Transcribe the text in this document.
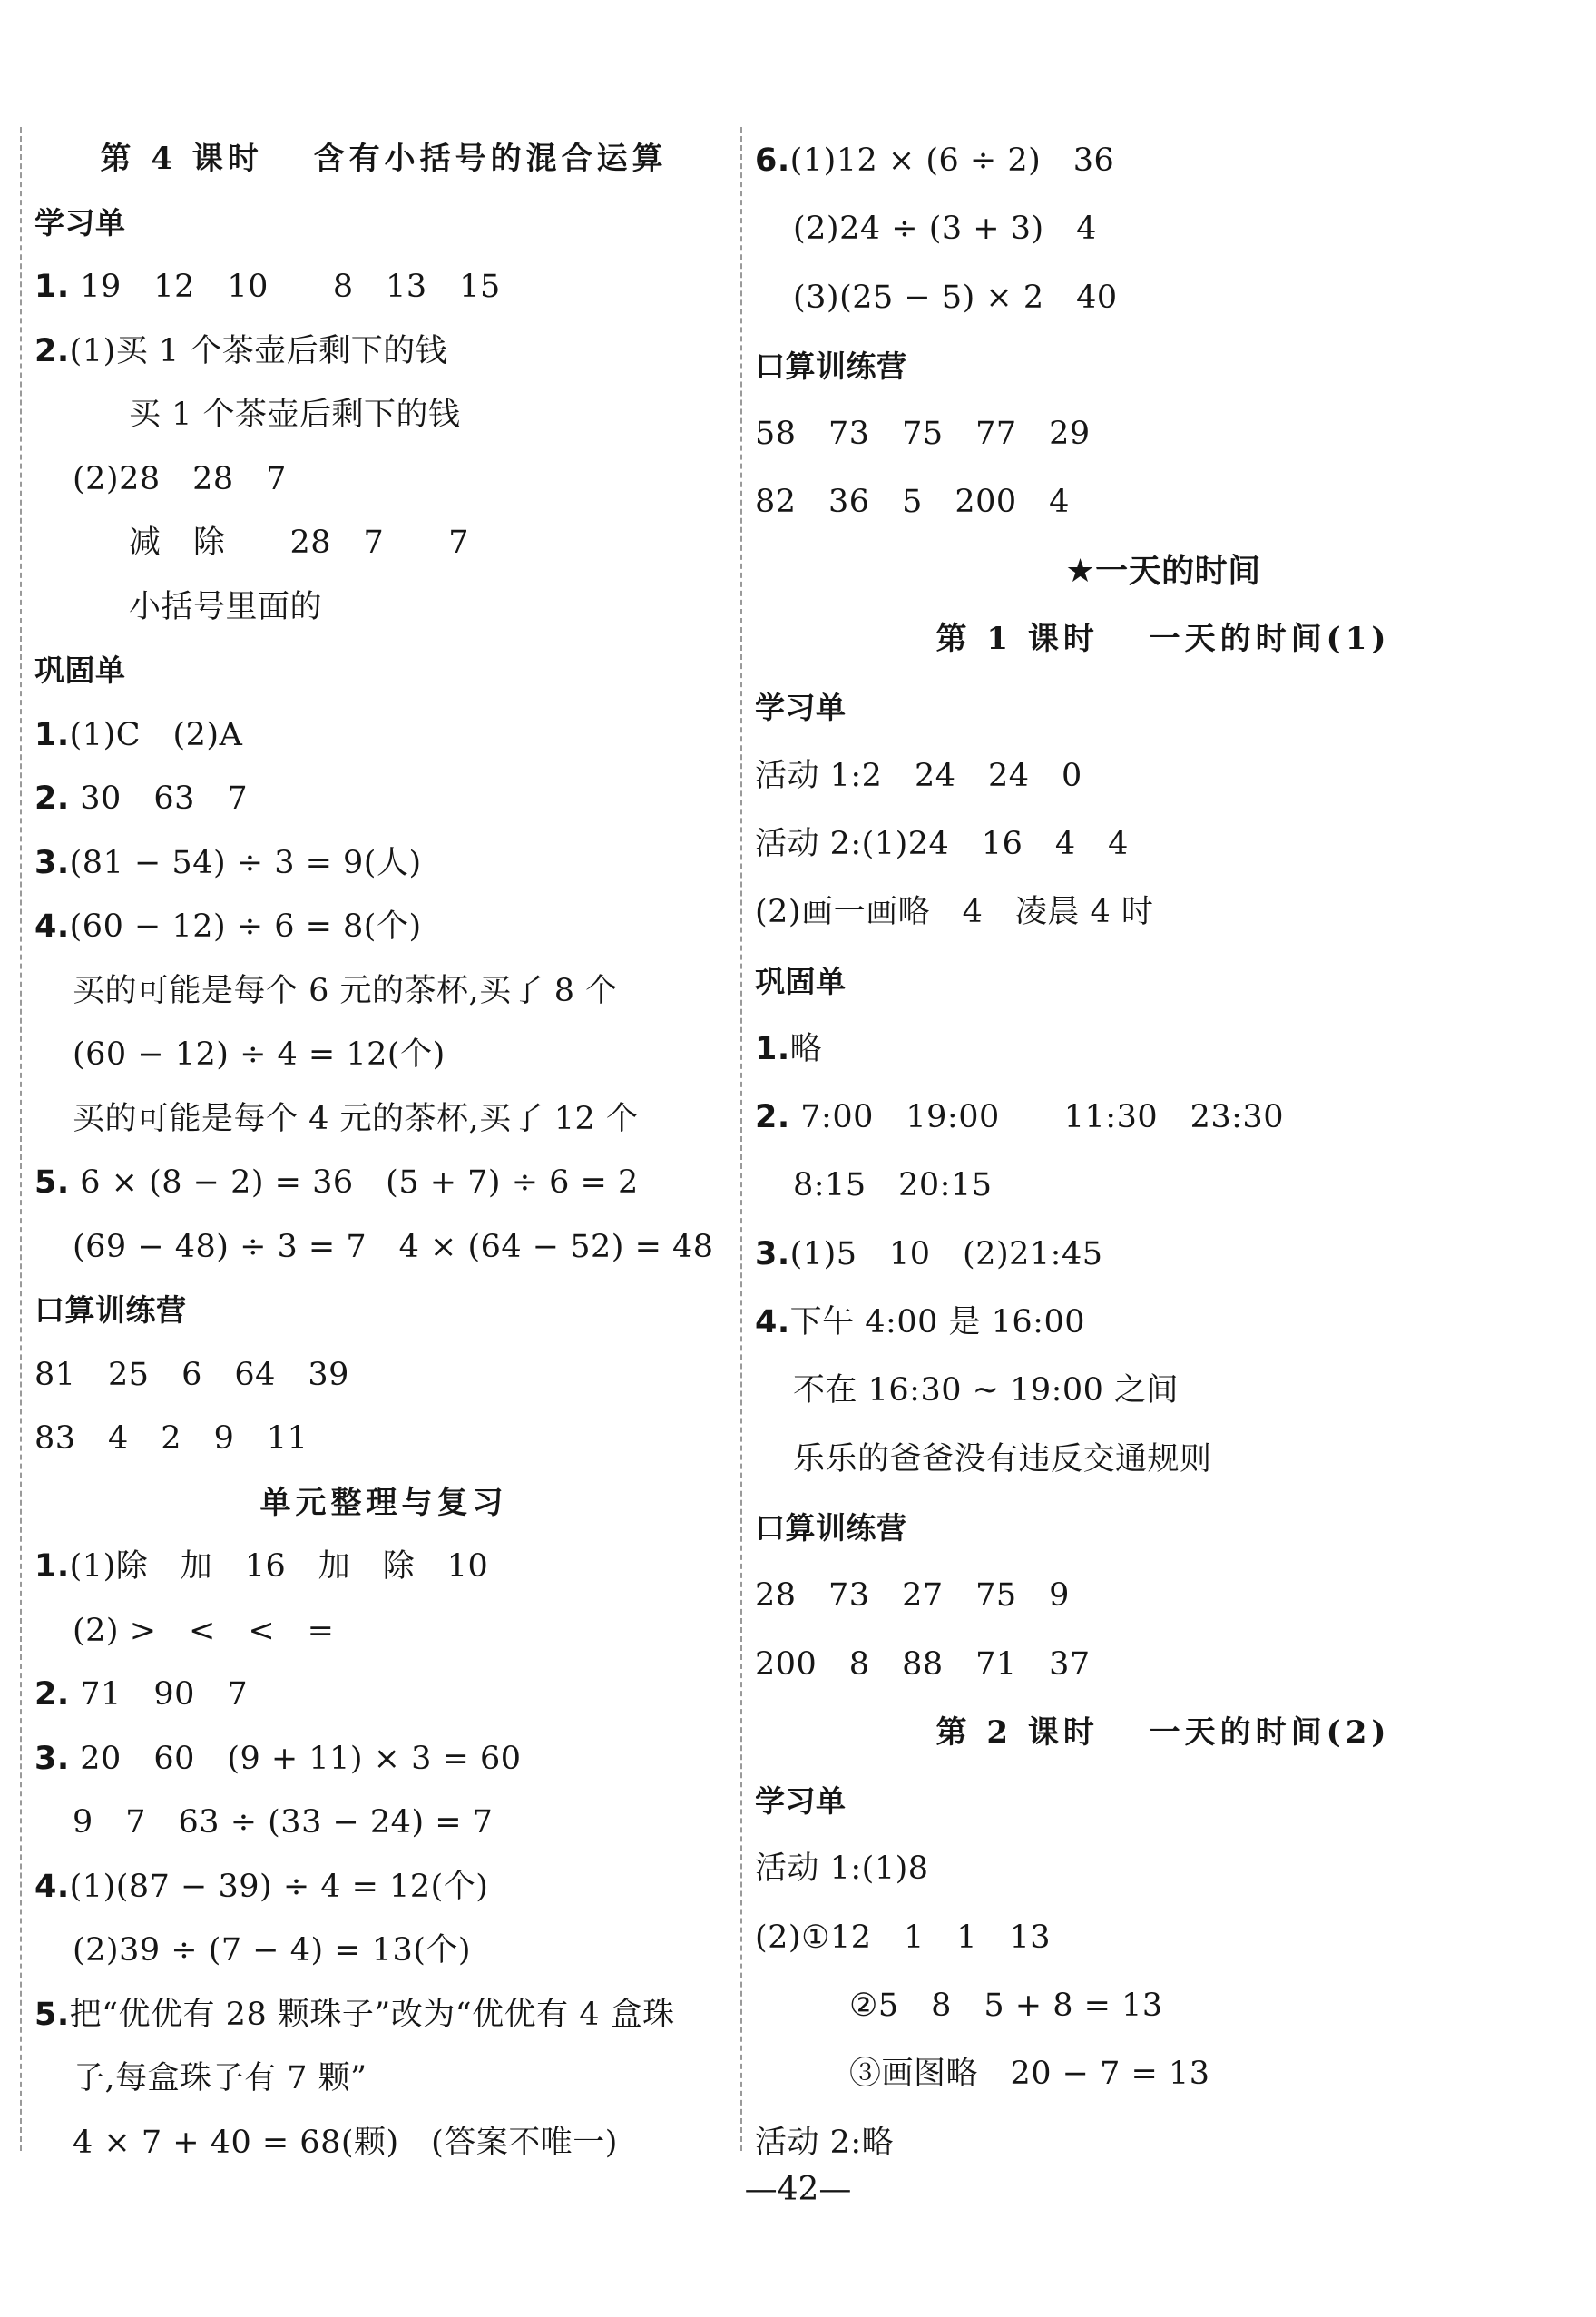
第 4 课时　 含有小括号的混合运算
学习单
1. 19　12　10　　8　13　15
2.(1)买 1 个茶壶后剩下的钱
买 1 个茶壶后剩下的钱
(2)28　28　7
减　除　　28　7　　7
小括号里面的
巩固单
1.(1)C　(2)A
2. 30　63　7
3.(81 − 54) ÷ 3 = 9(人)
4.(60 − 12) ÷ 6 = 8(个)
买的可能是每个 6 元的茶杯,买了 8 个
(60 − 12) ÷ 4 = 12(个)
买的可能是每个 4 元的茶杯,买了 12 个
5. 6 × (8 − 2) = 36　(5 + 7) ÷ 6 = 2
(69 − 48) ÷ 3 = 7　4 × (64 − 52) = 48
口算训练营
81　25　6　64　39
83　4　2　9　11
单元整理与复习
1.(1)除　加　16　加　除　10
(2) >　<　<　=
2. 71　90　7
3. 20　60　(9 + 11) × 3 = 60
9　7　63 ÷ (33 − 24) = 7
4.(1)(87 − 39) ÷ 4 = 12(个)
(2)39 ÷ (7 − 4) = 13(个)
5.把“优优有 28 颗珠子”改为“优优有 4 盒珠
子,每盒珠子有 7 颗”
4 × 7 + 40 = 68(颗)　(答案不唯一)
6.(1)12 × (6 ÷ 2)　36
(2)24 ÷ (3 + 3)　4
(3)(25 − 5) × 2　40
口算训练营
58　73　75　77　29
82　36　5　200　4
★一天的时间
第 1 课时　 一天的时间(1)
学习单
活动 1:2　24　24　0
活动 2:(1)24　16　4　4
(2)画一画略　4　凌晨 4 时
巩固单
1.略
2. 7:00　19:00　　11:30　23:30
8:15　20:15
3.(1)5　10　(2)21:45
4.下午 4:00 是 16:00
不在 16:30 ~ 19:00 之间
乐乐的爸爸没有违反交通规则
口算训练营
28　73　27　75　9
200　8　88　71　37
第 2 课时　 一天的时间(2)
学习单
活动 1:(1)8
(2)①12　1　1　13
②5　8　5 + 8 = 13
③画图略　20 − 7 = 13
活动 2:略
—42—
